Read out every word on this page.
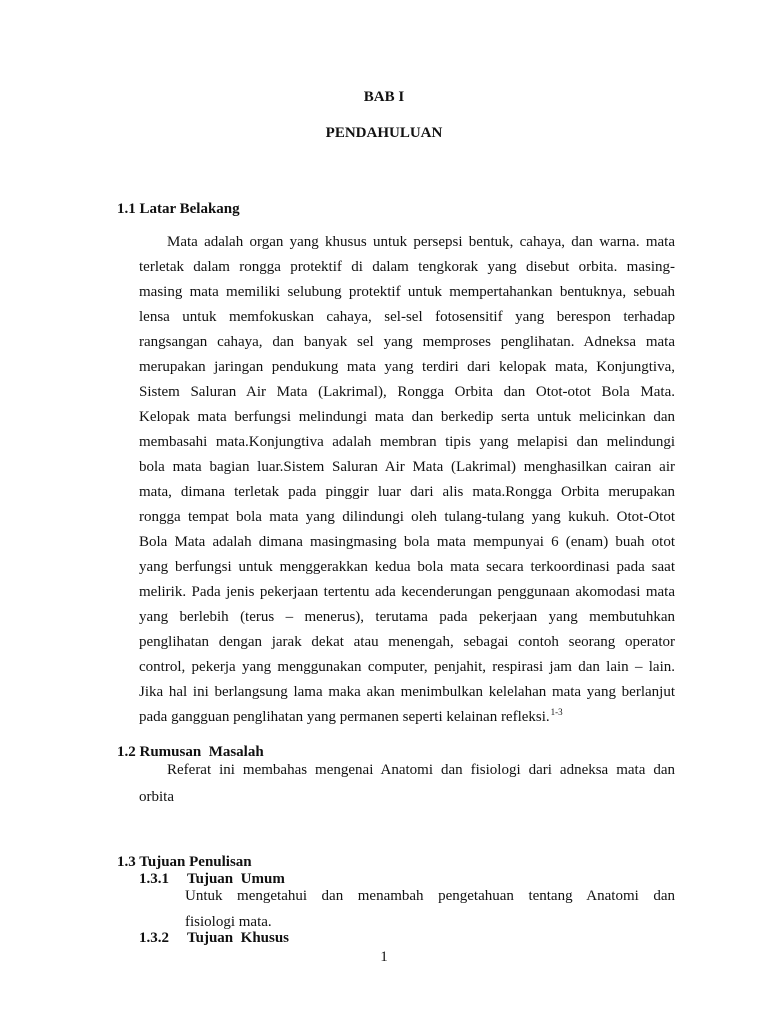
BAB I
PENDAHULUAN
1.1 Latar Belakang
Mata adalah organ yang khusus untuk persepsi bentuk, cahaya, dan warna. mata
terletak dalam rongga protektif di dalam tengkorak yang disebut orbita. masing-
masing mata memiliki selubung protektif untuk mempertahankan bentuknya, sebuah
lensa untuk memfokuskan cahaya, sel-sel fotosensitif yang berespon terhadap
rangsangan cahaya, dan banyak sel yang memproses penglihatan. Adneksa mata
merupakan jaringan pendukung mata yang terdiri dari kelopak mata, Konjungtiva,
Sistem Saluran Air Mata (Lakrimal), Rongga Orbita dan Otot-otot Bola Mata.
Kelopak mata berfungsi melindungi mata dan berkedip serta untuk melicinkan dan
membasahi mata.Konjungtiva adalah membran tipis yang melapisi dan melindungi
bola mata bagian luar.Sistem Saluran Air Mata (Lakrimal) menghasilkan cairan air
mata, dimana terletak pada pinggir luar dari alis mata.Rongga Orbita merupakan
rongga tempat bola mata yang dilindungi oleh tulang-tulang yang kukuh. Otot-Otot
Bola Mata adalah dimana masingmasing bola mata mempunyai 6 (enam) buah otot
yang berfungsi untuk menggerakkan kedua bola mata secara terkoordinasi pada saat
melirik. Pada jenis pekerjaan tertentu ada kecenderungan penggunaan akomodasi mata
yang berlebih (terus – menerus), terutama pada pekerjaan yang membutuhkan
penglihatan dengan jarak dekat atau menengah, sebagai contoh seorang operator
control, pekerja yang menggunakan computer, penjahit, respirasi jam dan lain – lain.
Jika hal ini berlangsung lama maka akan menimbulkan kelelahan mata yang berlanjut
pada gangguan penglihatan yang permanen seperti kelainan refleksi.$^{1-3}$
1.2 Rumusan  Masalah
Referat ini membahas mengenai Anatomi dan fisiologi dari adneksa mata dan
orbita
1.3 Tujuan Penulisan
1.3.1 Tujuan  Umum
Untuk mengetahui dan menambah pengetahuan tentang Anatomi dan
fisiologi mata.
1.3.2 Tujuan  Khusus
1
